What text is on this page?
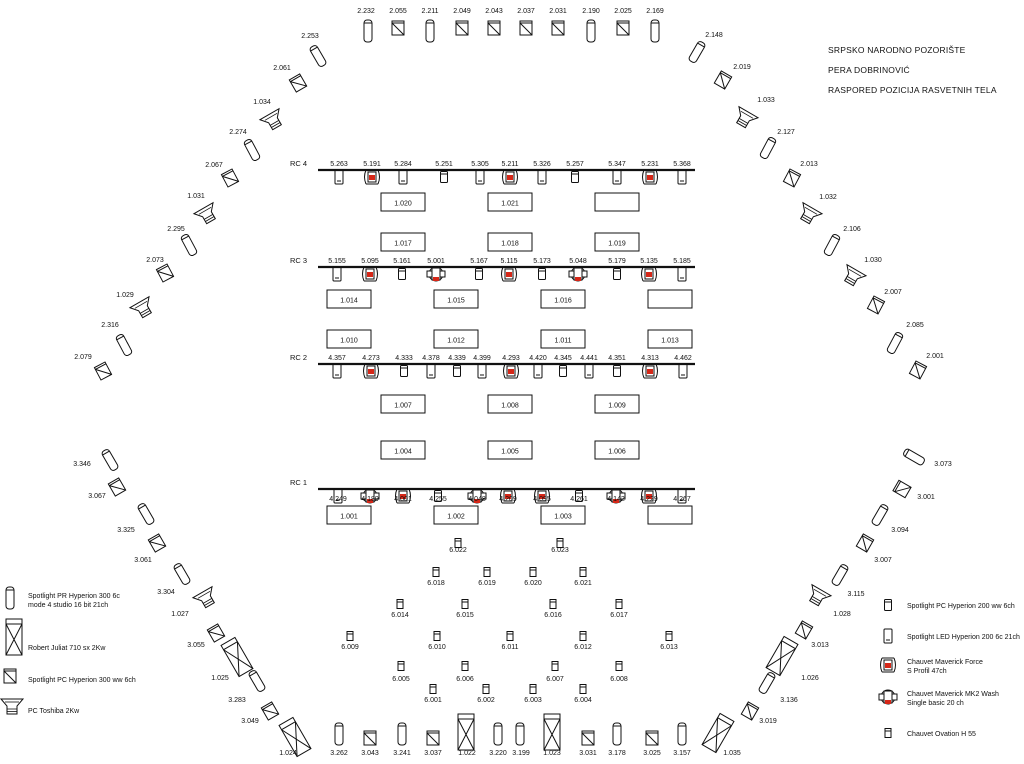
SRPSKO NARODNO POZORIŠTE
PERA DOBRINOVIĆ
RASPORED POZICIJA RASVETNIH TELA
2.232 2.055 2.211 2.049 2.043 2.037 2.031 2.190 2.025 2.169
2.253
2.061
1.034
2.274
2.067
1.031
2.295
2.073
1.029
2.316
2.079
2.148
2.019
1.033
2.127
2.013
1.032
2.106
1.030
2.007
2.085
2.001
3.346
3.067
3.325
3.061
3.304
1.027
3.055
1.025
3.283
3.049
1.024
3.073
3.001
3.094
3.007
3.115
1.028
3.013
1.026
3.136
3.019
1.035
3.262 3.043 3.241 3.037 1.022 3.220 3.199 1.023	3.031 3.178 3.025 3.157
RC 4	5.263 5.191 5.284	5.251	5.305 5.211 5.326 5.257	5.347 5.231 5.368
RC 3	5.155 5.095 5.161 5.001	5.167 5.115 5.173	5.048	5.179 5.135 5.185
RC 2	4.357 4.273 4.333 4.378 4.339 4.399 4.293 4.420 4.345 4.441 4.351 4.313 4.462
RC 1
4.249 4.189 4.001 4.255	4.048 4.209 4.095	4.261	4.142 4.229 4.267
1.020	1.021
1.017	1.018	1.019
1.014	1.015	1.016
1.010	1.012	1.011	1.013
1.007	1.008	1.009
1.004	1.005	1.006
1.001	1.002	1.003
6.022	6.023
6.018	6.019	6.020	6.021
6.014	6.015	6.016	6.017
6.009	6.010	6.011	6.012	6.013
6.005	6.006	6.007	6.008
6.001	6.002	6.003	6.004
Spotlight PR Hyperion 300 6c mode 4 studio 16 bit 21ch
Robert Juliat 710 sx 2Kw
Spotlight PC Hyperion 300 ww 6ch
PC Toshiba 2Kw
Spotlight PC Hyperion 200 ww 6ch
Spotlight LED Hyperion 200 6c 21ch
Chauvet Maverick Force S Profil 47ch
Chauvet Maverick MK2 Wash Single basic 20 ch
Chauvet Ovation H 55
